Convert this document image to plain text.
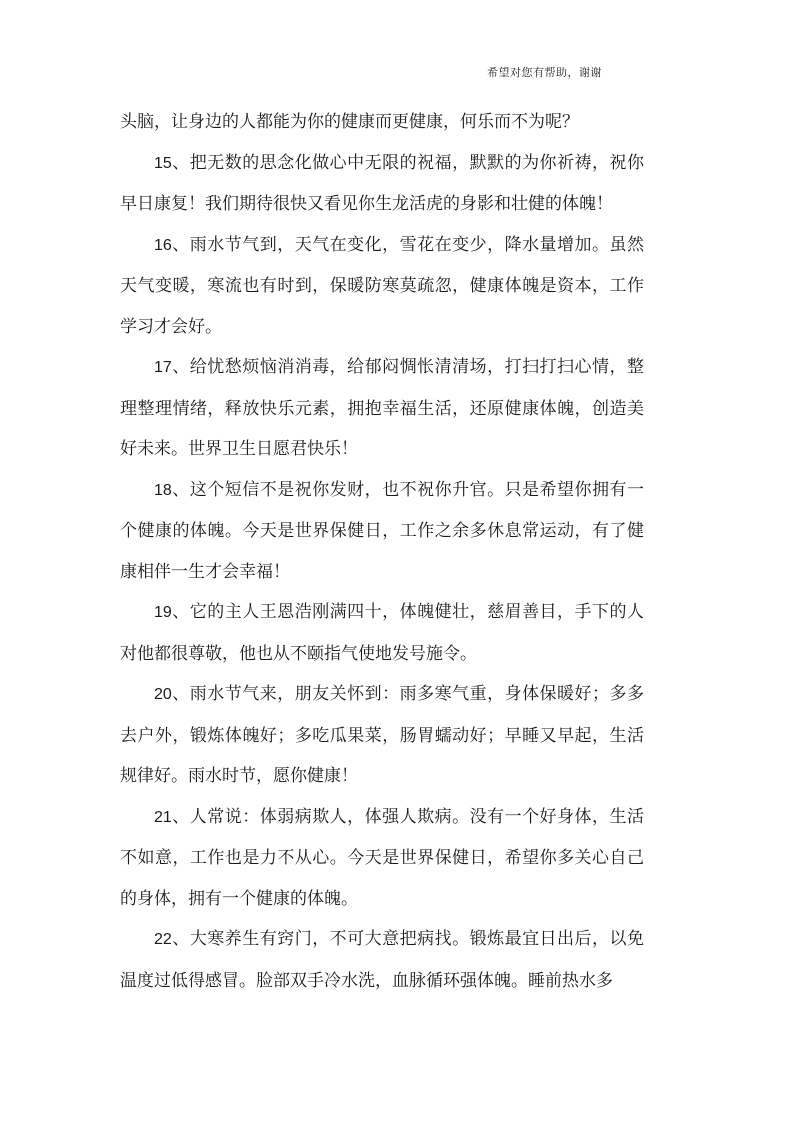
希望对您有帮助，谢谢

头脑，让身边的人都能为你的健康而更健康，何乐而不为呢？

15、把无数的思念化做心中无限的祝福，默默的为你祈祷，祝你早日康复！我们期待很快又看见你生龙活虎的身影和壮健的体魄！

16、雨水节气到，天气在变化，雪花在变少，降水量增加。虽然天气变暖，寒流也有时到，保暖防寒莫疏忽，健康体魄是资本，工作学习才会好。

17、给忧愁烦恼消消毒，给郁闷惆怅清清场，打扫打扫心情，整理整理情绪，释放快乐元素，拥抱幸福生活，还原健康体魄，创造美好未来。世界卫生日愿君快乐！

18、这个短信不是祝你发财，也不祝你升官。只是希望你拥有一个健康的体魄。今天是世界保健日，工作之余多休息常运动，有了健康相伴一生才会幸福！

19、它的主人王恩浩刚满四十，体魄健壮，慈眉善目，手下的人对他都很尊敬，他也从不颐指气使地发号施令。

20、雨水节气来，朋友关怀到：雨多寒气重，身体保暖好；多多去户外，锻炼体魄好；多吃瓜果菜，肠胃蠕动好；早睡又早起，生活规律好。雨水时节，愿你健康！

21、人常说：体弱病欺人，体强人欺病。没有一个好身体，生活不如意，工作也是力不从心。今天是世界保健日，希望你多关心自己的身体，拥有一个健康的体魄。

22、大寒养生有窍门，不可大意把病找。锻炼最宜日出后，以免温度过低得感冒。脸部双手冷水洗，血脉循环强体魄。睡前热水多
